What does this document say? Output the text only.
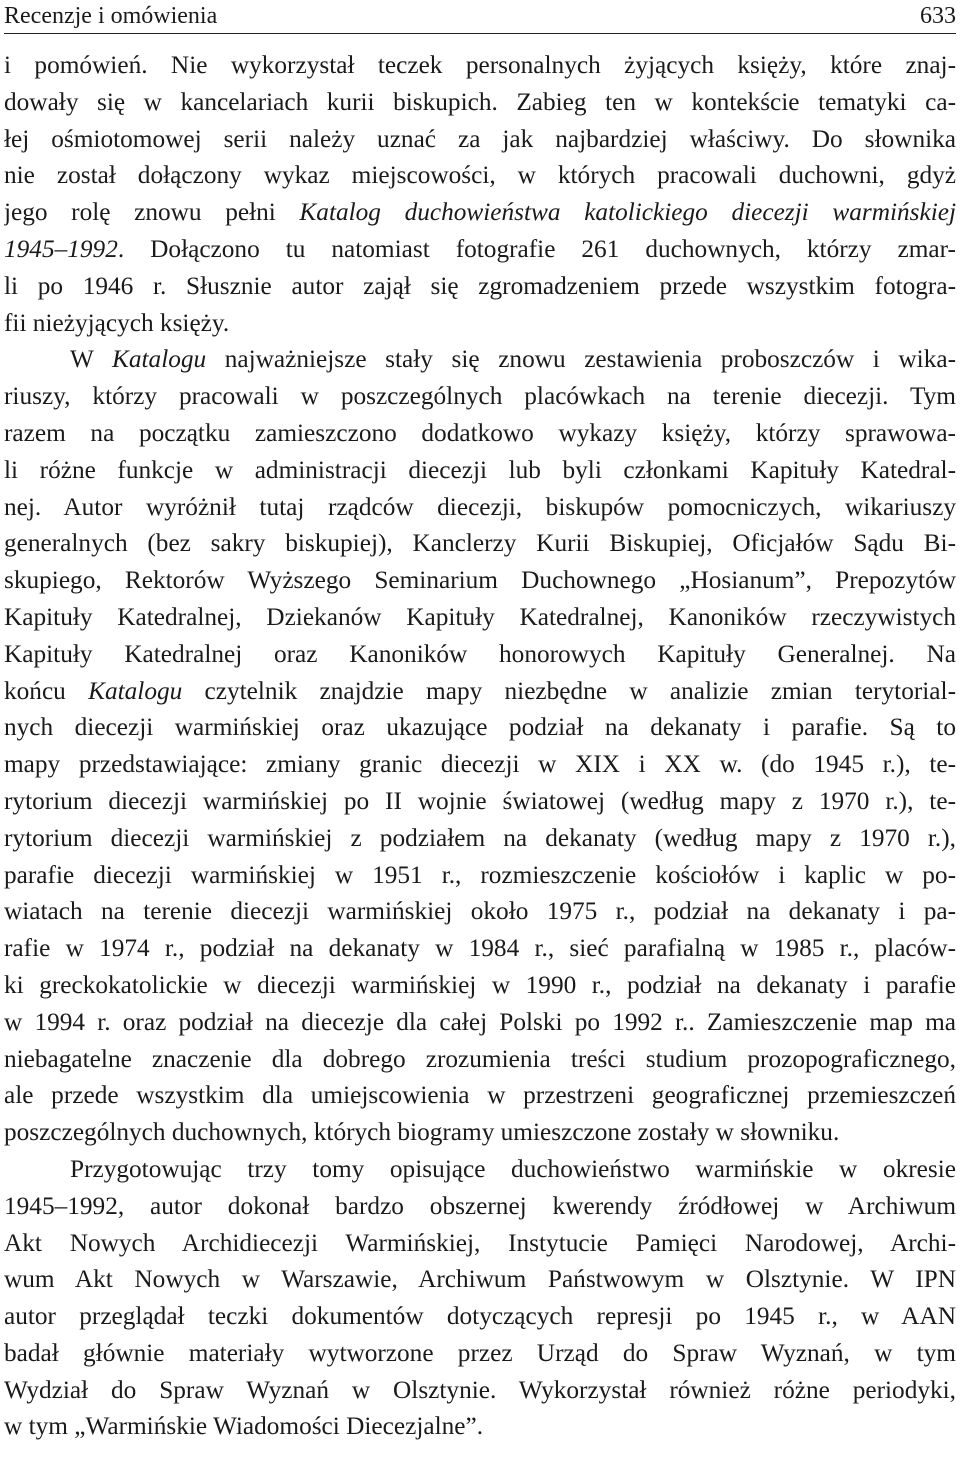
Recenzje i omówienia	633
i pomówień. Nie wykorzystał teczek personalnych żyjących księży, które znaj-
dowały się w kancelariach kurii biskupich. Zabieg ten w kontekście tematyki ca-
łej ośmiotomowej serii należy uznać za jak najbardziej właściwy. Do słownika
nie został dołączony wykaz miejscowości, w których pracowali duchowni, gdyż
jego rolę znowu pełni Katalog duchowieństwa katolickiego diecezji warmińskiej
1945–1992. Dołączono tu natomiast fotografie 261 duchownych, którzy zmar-
li po 1946 r. Słusznie autor zajął się zgromadzeniem przede wszystkim fotogra-
fii nieżyjących księży.
W Katalogu najważniejsze stały się znowu zestawienia proboszczów i wika-
riuszy, którzy pracowali w poszczególnych placówkach na terenie diecezji. Tym
razem na początku zamieszczono dodatkowo wykazy księży, którzy sprawowa-
li różne funkcje w administracji diecezji lub byli członkami Kapituły Katedral-
nej. Autor wyróżnił tutaj rządców diecezji, biskupów pomocniczych, wikariuszy
generalnych (bez sakry biskupiej), Kanclerzy Kurii Biskupiej, Oficjałów Sądu Bi-
skupiego, Rektorów Wyższego Seminarium Duchownego „Hosianum”, Prepozytów
Kapituły Katedralnej, Dziekanów Kapituły Katedralnej, Kanoników rzeczywistych
Kapituły Katedralnej oraz Kanoników honorowych Kapituły Generalnej. Na
końcu Katalogu czytelnik znajdzie mapy niezbędne w analizie zmian terytorial-
nych diecezji warmińskiej oraz ukazujące podział na dekanaty i parafie. Są to
mapy przedstawiające: zmiany granic diecezji w XIX i XX w. (do 1945 r.), te-
rytorium diecezji warmińskiej po II wojnie światowej (według mapy z 1970 r.), te-
rytorium diecezji warmińskiej z podziałem na dekanaty (według mapy z 1970 r.),
parafie diecezji warmińskiej w 1951 r., rozmieszczenie kościołów i kaplic w po-
wiatach na terenie diecezji warmińskiej około 1975 r., podział na dekanaty i pa-
rafie w 1974 r., podział na dekanaty w 1984 r., sieć parafialną w 1985 r., placów-
ki greckokatolickie w diecezji warmińskiej w 1990 r., podział na dekanaty i parafie
w 1994 r. oraz podział na diecezje dla całej Polski po 1992 r.. Zamieszczenie map ma
niebagatelne znaczenie dla dobrego zrozumienia treści studium prozopograficznego,
ale przede wszystkim dla umiejscowienia w przestrzeni geograficznej przemieszczeń
poszczególnych duchownych, których biogramy umieszczone zostały w słowniku.
Przygotowując trzy tomy opisujące duchowieństwo warmińskie w okresie
1945–1992, autor dokonał bardzo obszernej kwerendy źródłowej w Archiwum
Akt Nowych Archidiecezji Warmińskiej, Instytucie Pamięci Narodowej, Archi-
wum Akt Nowych w Warszawie, Archiwum Państwowym w Olsztynie. W IPN
autor przeglądał teczki dokumentów dotyczących represji po 1945 r., w AAN
badał głównie materiały wytworzone przez Urząd do Spraw Wyznań, w tym
Wydział do Spraw Wyznań w Olsztynie. Wykorzystał również różne periodyki,
w tym „Warmińskie Wiadomości Diecezjalne”.
